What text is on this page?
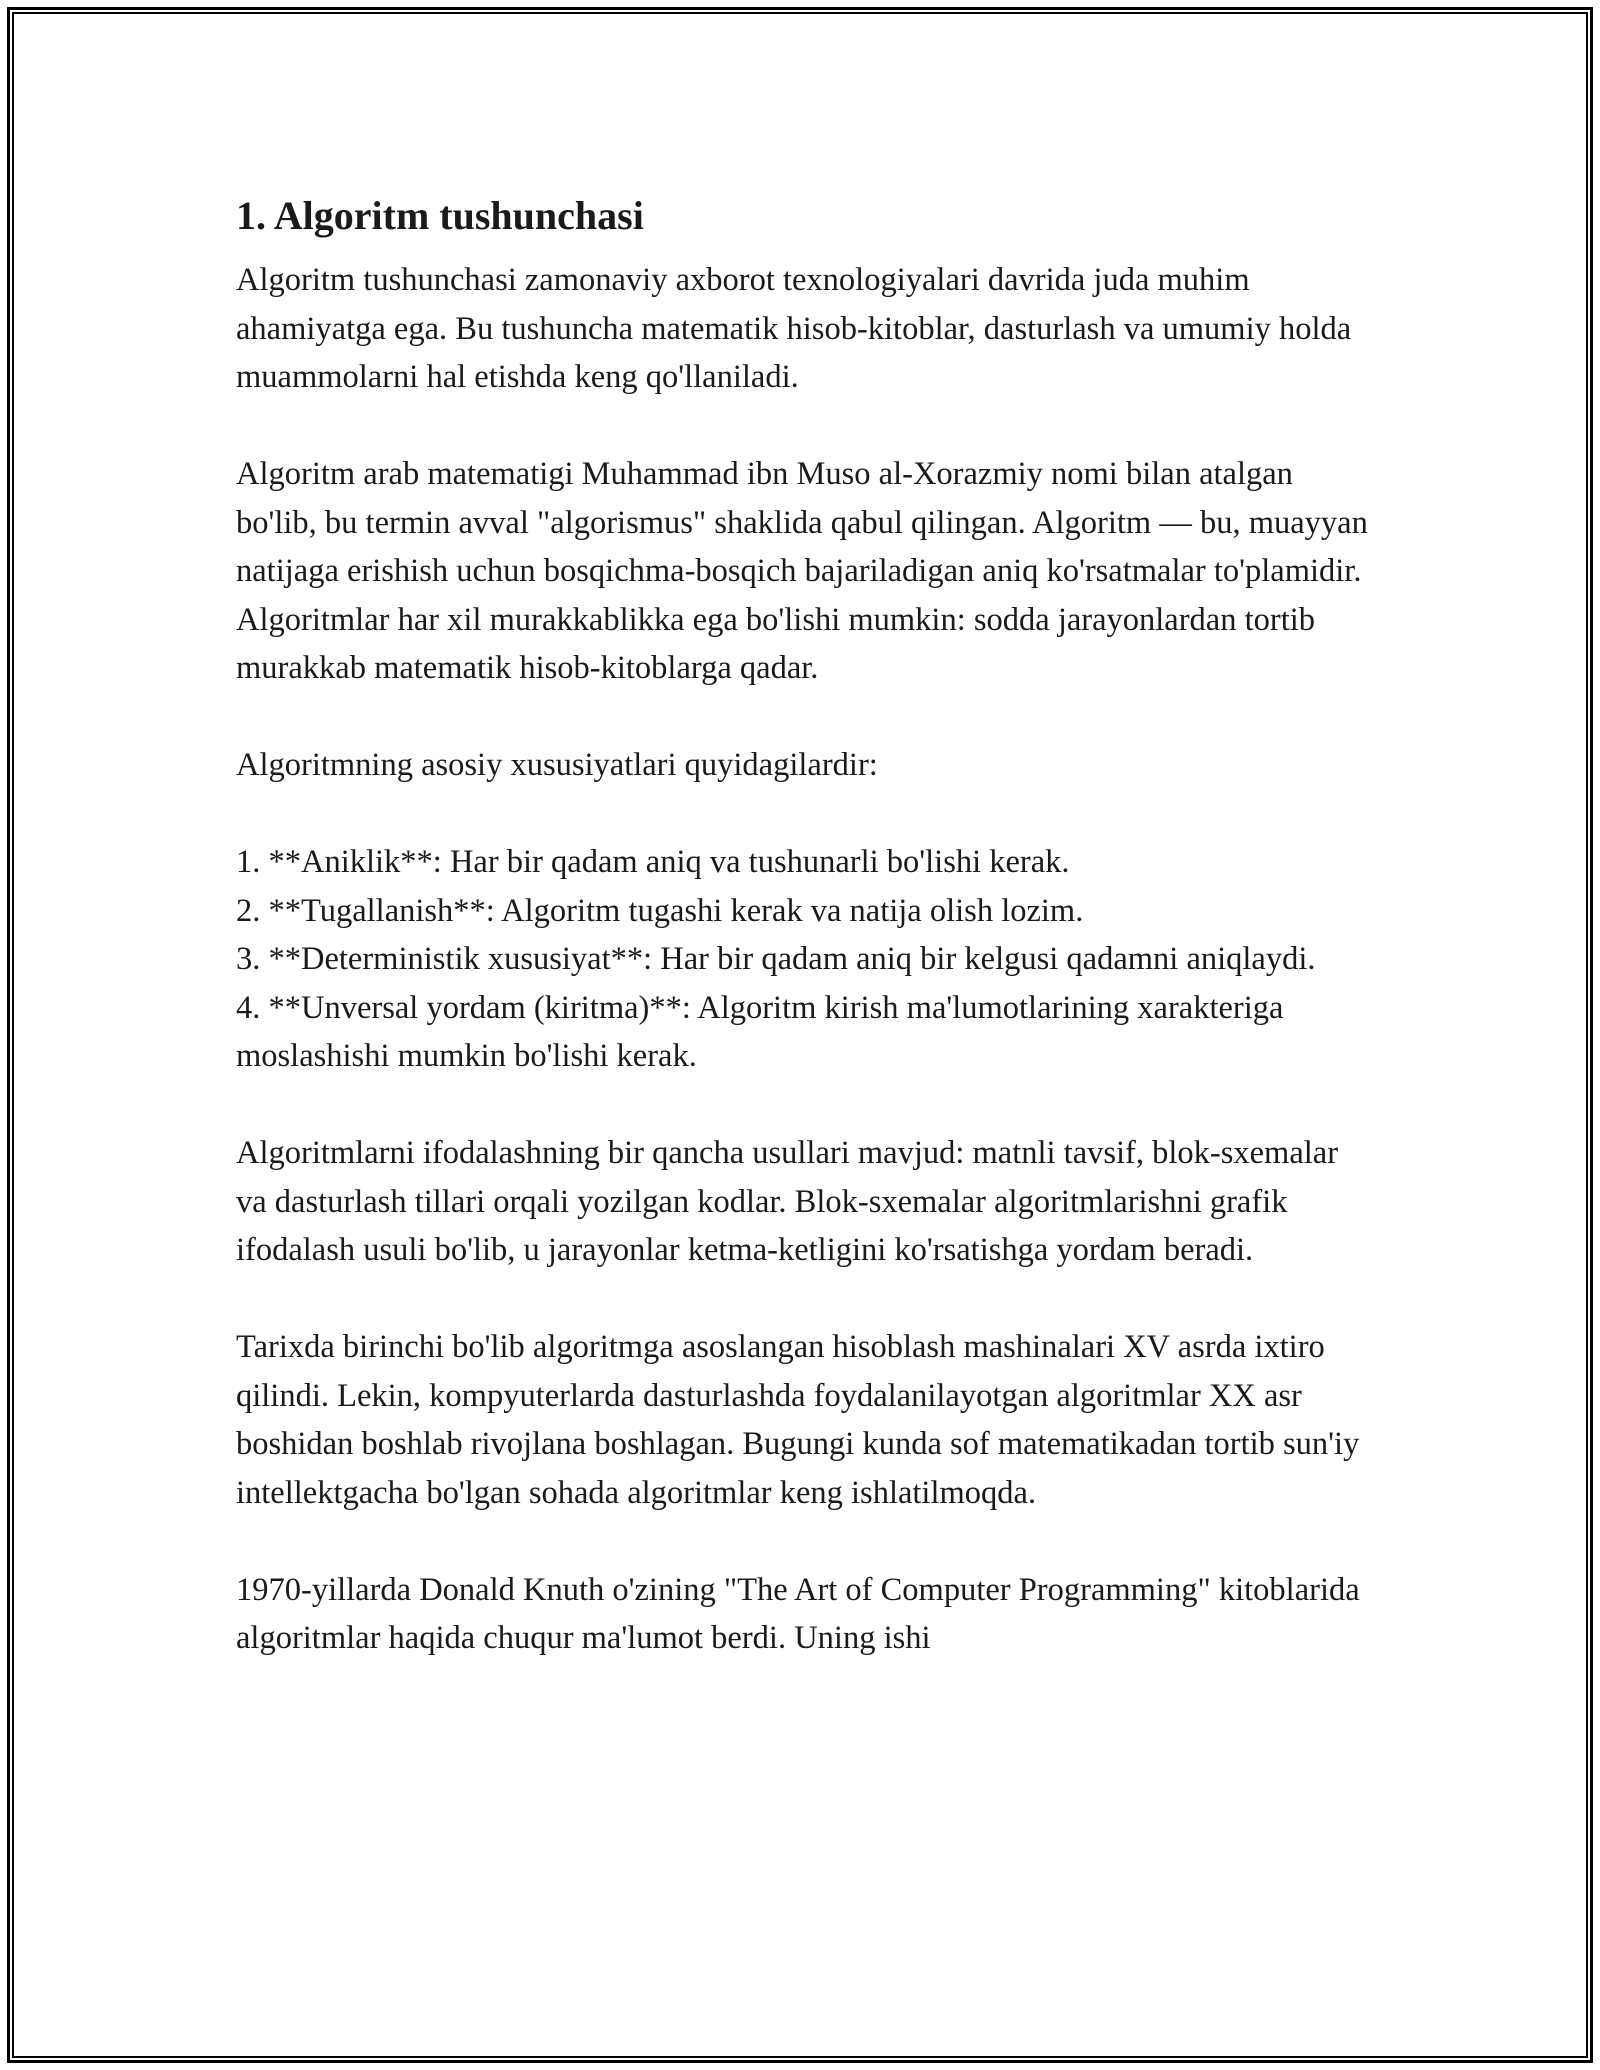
1. Algoritm tushunchasi

Algoritm tushunchasi zamonaviy axborot texnologiyalari davrida juda muhim ahamiyatga ega. Bu tushuncha matematik hisob-kitoblar, dasturlash va umumiy holda muammolarni hal etishda keng qo'llaniladi.

Algoritm arab matematigi Muhammad ibn Muso al-Xorazmiy nomi bilan atalgan bo'lib, bu termin avval "algorismus" shaklida qabul qilingan. Algoritm — bu, muayyan natijaga erishish uchun bosqichma-bosqich bajariladigan aniq ko'rsatmalar to'plamidir. Algoritmlar har xil murakkablikka ega bo'lishi mumkin: sodda jarayonlardan tortib murakkab matematik hisob-kitoblarga qadar.

Algoritmning asosiy xususiyatlari quyidagilardir:

1. **Aniklik**: Har bir qadam aniq va tushunarli bo'lishi kerak.
2. **Tugallanish**: Algoritm tugashi kerak va natija olish lozim.
3. **Deterministik xususiyat**: Har bir qadam aniq bir kelgusi qadamni aniqlaydi.
4. **Unversal yordam (kiritma)**: Algoritm kirish ma'lumotlarining xarakteriga moslashishi mumkin bo'lishi kerak.

Algoritmlarni ifodalashning bir qancha usullari mavjud: matnli tavsif, blok-sxemalar va dasturlash tillari orqali yozilgan kodlar. Blok-sxemalar algoritmlarishni grafik ifodalash usuli bo'lib, u jarayonlar ketma-ketligini ko'rsatishga yordam beradi.

Tarixda birinchi bo'lib algoritmga asoslangan hisoblash mashinalari XV asrda ixtiro qilindi. Lekin, kompyuterlarda dasturlashda foydalanilayotgan algoritmlar XX asr boshidan boshlab rivojlana boshlagan. Bugungi kunda sof matematikadan tortib sun'iy intellektgacha bo'lgan sohada algoritmlar keng ishlatilmoqda.

1970-yillarda Donald Knuth o'zining "The Art of Computer Programming" kitoblarida algoritmlar haqida chuqur ma'lumot berdi. Uning ishi
